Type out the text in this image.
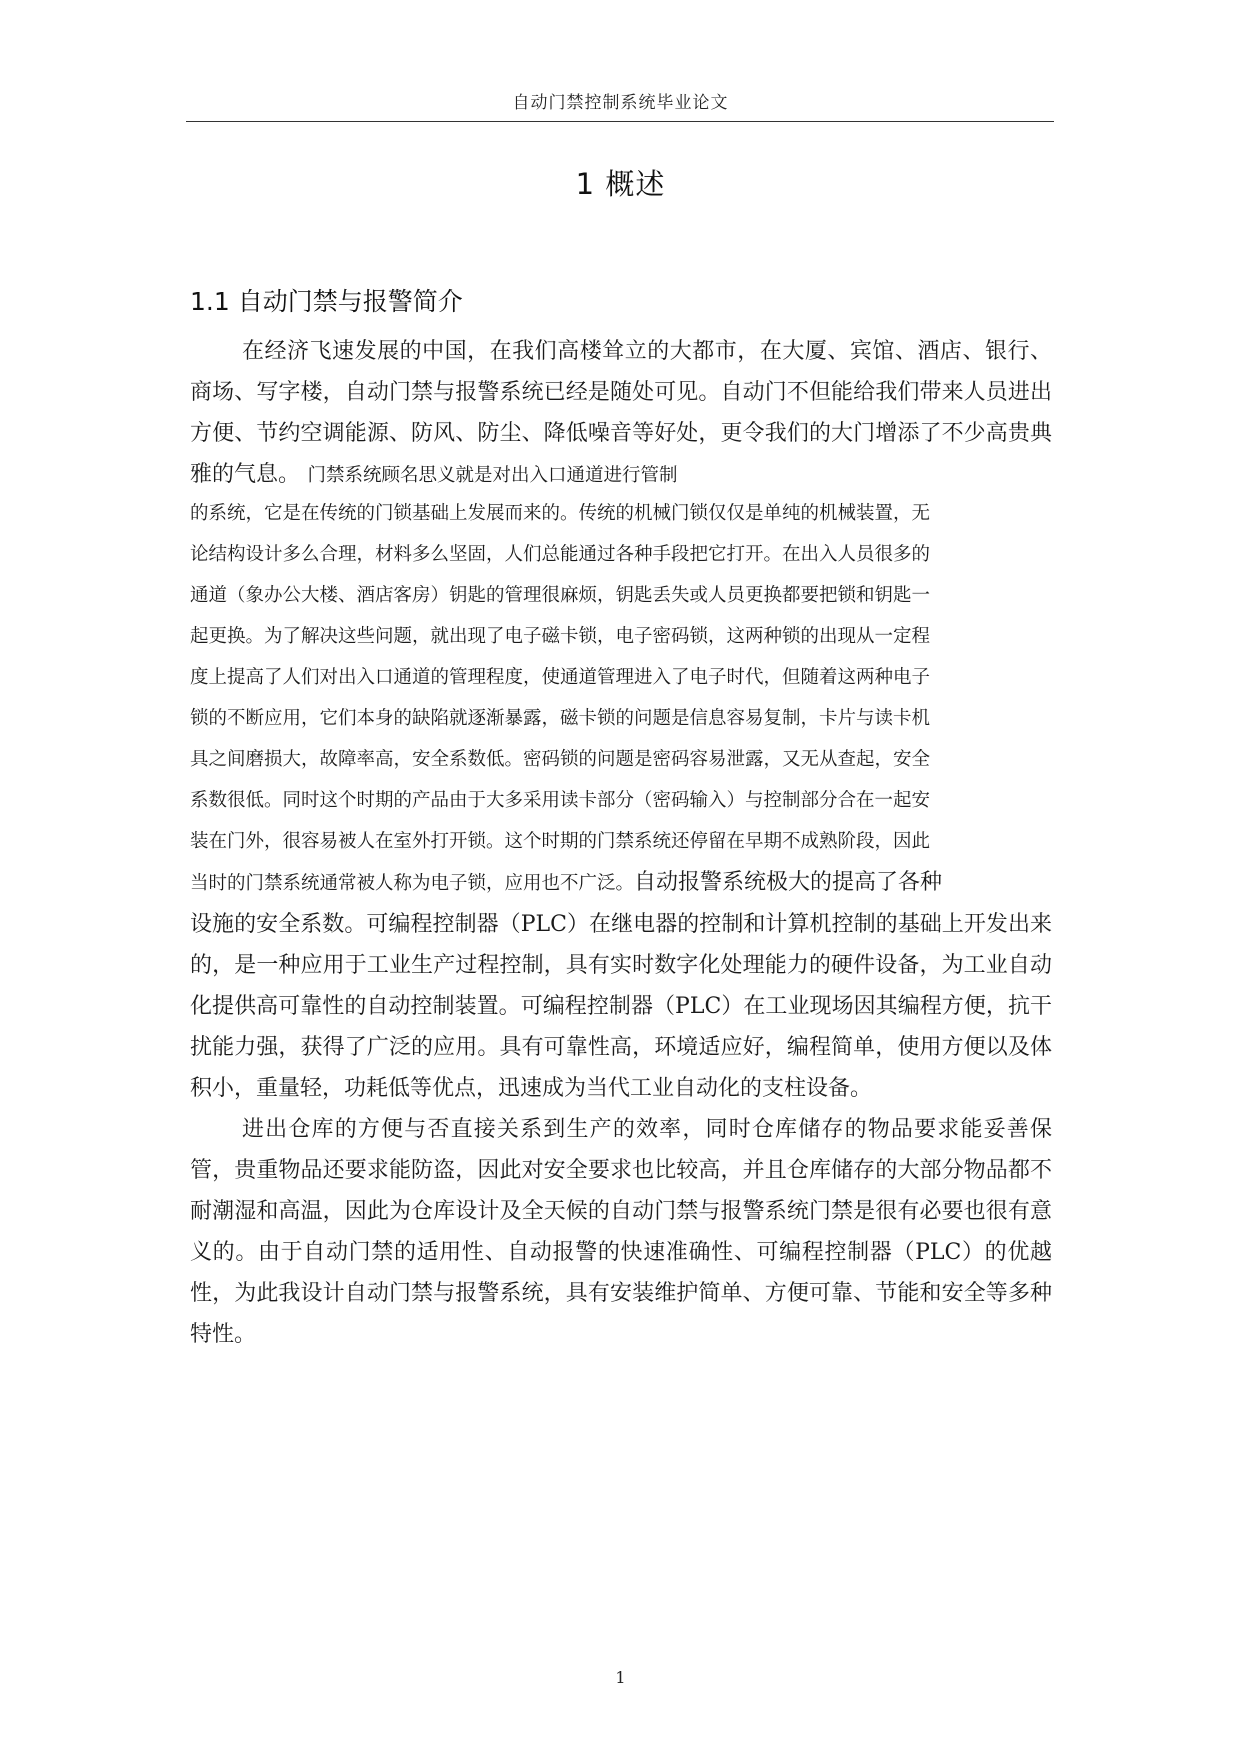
自动门禁控制系统毕业论文
1 概述
1.1 自动门禁与报警简介

在经济飞速发展的中国，在我们高楼耸立的大都市，在大厦、宾馆、酒店、银行、商场、写字楼，自动门禁与报警系统已经是随处可见。自动门不但能给我们带来人员进出方便、节约空调能源、防风、防尘、降低噪音等好处，更令我们的大门增添了不少高贵典雅的气息。　门禁系统顾名思义就是对出入口通道进行管制

的系统，它是在传统的门锁基础上发展而来的。传统的机械门锁仅仅是单纯的机械装置，无
论结构设计多么合理，材料多么坚固，人们总能通过各种手段把它打开。在出入人员很多的
通道（象办公大楼、酒店客房）钥匙的管理很麻烦，钥匙丢失或人员更换都要把锁和钥匙一
起更换。为了解决这些问题，就出现了电子磁卡锁，电子密码锁，这两种锁的出现从一定程
度上提高了人们对出入口通道的管理程度，使通道管理进入了电子时代，但随着这两种电子
锁的不断应用，它们本身的缺陷就逐渐暴露，磁卡锁的问题是信息容易复制，卡片与读卡机
具之间磨损大，故障率高，安全系数低。密码锁的问题是密码容易泄露，又无从查起，安全
系数很低。同时这个时期的产品由于大多采用读卡部分（密码输入）与控制部分合在一起安
装在门外，很容易被人在室外打开锁。这个时期的门禁系统还停留在早期不成熟阶段，因此
当时的门禁系统通常被人称为电子锁，应用也不广泛。自动报警系统极大的提高了各种

设施的安全系数。可编程控制器（PLC）在继电器的控制和计算机控制的基础上开发出来的，是一种应用于工业生产过程控制，具有实时数字化处理能力的硬件设备，为工业自动化提供高可靠性的自动控制装置。可编程控制器（PLC）在工业现场因其编程方便，抗干扰能力强，获得了广泛的应用。具有可靠性高，环境适应好，编程简单，使用方便以及体积小，重量轻，功耗低等优点，迅速成为当代工业自动化的支柱设备。

进出仓库的方便与否直接关系到生产的效率，同时仓库储存的物品要求能妥善保管，贵重物品还要求能防盗，因此对安全要求也比较高，并且仓库储存的大部分物品都不耐潮湿和高温，因此为仓库设计及全天候的自动门禁与报警系统门禁是很有必要也很有意义的。由于自动门禁的适用性、自动报警的快速准确性、可编程控制器（PLC）的优越性，为此我设计自动门禁与报警系统，具有安装维护简单、方便可靠、节能和安全等多种特性。

1
